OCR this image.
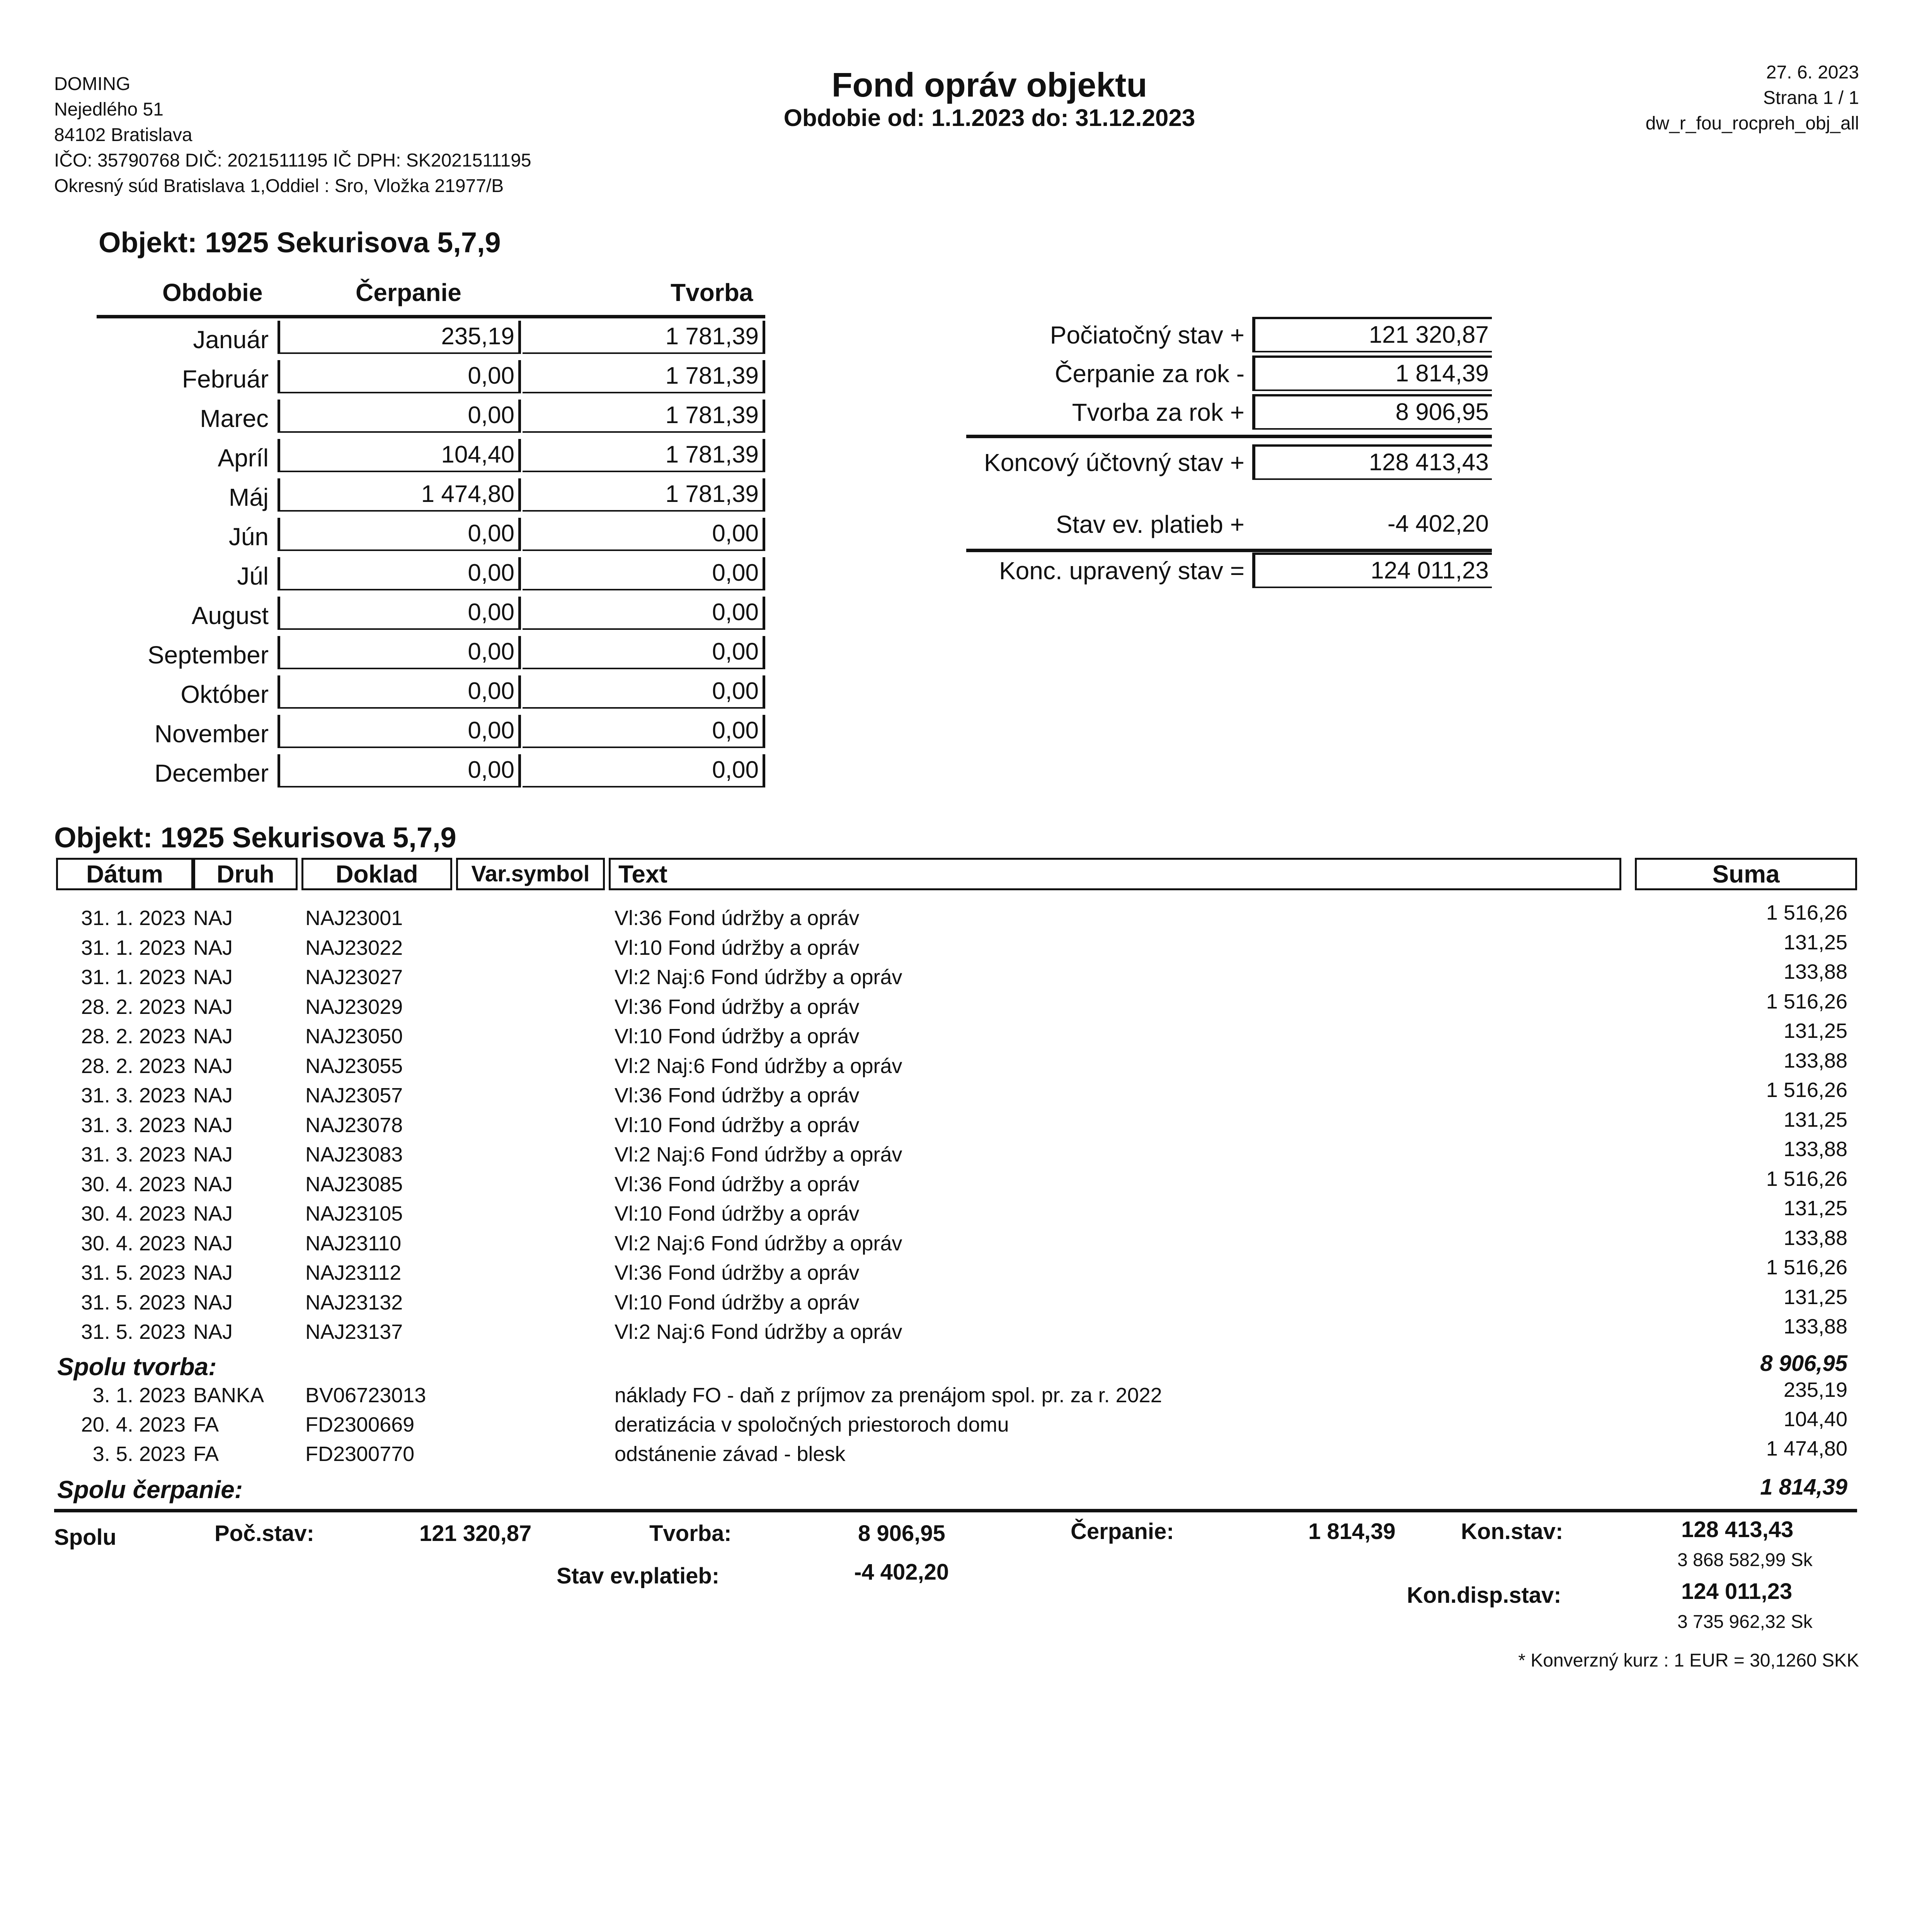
DOMING
Nejedlého 51
84102 Bratislava
IČO: 35790768 DIČ: 2021511195 IČ DPH: SK2021511195
Okresný súd Bratislava 1,Oddiel : Sro, Vložka 21977/B
Fond opráv objektu
Obdobie od: 1.1.2023 do: 31.12.2023
27. 6. 2023
Strana 1 / 1
dw_r_fou_rocpreh_obj_all
Objekt: 1925 Sekurisova 5,7,9
Obdobie	Čerpanie	Tvorba
Január	235,19	1 781,39
Február	0,00	1 781,39
Marec	0,00	1 781,39
Apríl	104,40	1 781,39
Máj	1 474,80	1 781,39
Jún	0,00	0,00
Júl	0,00	0,00
August	0,00	0,00
September	0,00	0,00
Október	0,00	0,00
November	0,00	0,00
December	0,00	0,00
Počiatočný stav +	121 320,87
Čerpanie za rok -	1 814,39
Tvorba za rok +	8 906,95
Koncový účtovný stav +	128 413,43
Stav ev. platieb +	-4 402,20
Konc. upravený stav =	124 011,23
Objekt: 1925 Sekurisova 5,7,9
Dátum	Druh	Doklad	Var.symbol	Text	Suma
31. 1. 2023 NAJ	NAJ23001	Vl:36 Fond údržby a opráv	1 516,26
31. 1. 2023 NAJ	NAJ23022	Vl:10 Fond údržby a opráv	131,25
31. 1. 2023 NAJ	NAJ23027	Vl:2 Naj:6 Fond údržby a opráv	133,88
28. 2. 2023 NAJ	NAJ23029	Vl:36 Fond údržby a opráv	1 516,26
28. 2. 2023 NAJ	NAJ23050	Vl:10 Fond údržby a opráv	131,25
28. 2. 2023 NAJ	NAJ23055	Vl:2 Naj:6 Fond údržby a opráv	133,88
31. 3. 2023 NAJ	NAJ23057	Vl:36 Fond údržby a opráv	1 516,26
31. 3. 2023 NAJ	NAJ23078	Vl:10 Fond údržby a opráv	131,25
31. 3. 2023 NAJ	NAJ23083	Vl:2 Naj:6 Fond údržby a opráv	133,88
30. 4. 2023 NAJ	NAJ23085	Vl:36 Fond údržby a opráv	1 516,26
30. 4. 2023 NAJ	NAJ23105	Vl:10 Fond údržby a opráv	131,25
30. 4. 2023 NAJ	NAJ23110	Vl:2 Naj:6 Fond údržby a opráv	133,88
31. 5. 2023 NAJ	NAJ23112	Vl:36 Fond údržby a opráv	1 516,26
31. 5. 2023 NAJ	NAJ23132	Vl:10 Fond údržby a opráv	131,25
31. 5. 2023 NAJ	NAJ23137	Vl:2 Naj:6 Fond údržby a opráv	133,88
Spolu tvorba:	8 906,95
3. 1. 2023 BANKA BV06723013	náklady FO - daň z príjmov za prenájom spol. pr. za r. 2022	235,19
20. 4. 2023 FA	FD2300669	deratizácia v spoločných priestoroch domu	104,40
3. 5. 2023 FA	FD2300770	odstánenie závad - blesk	1 474,80
Spolu čerpanie:	1 814,39
Spolu	Poč.stav:	121 320,87	Tvorba:	8 906,95	Čerpanie:	1 814,39	Kon.stav:	128 413,43
3 868 582,99 Sk
Stav ev.platieb:	-4 402,20
Kon.disp.stav:	124 011,23
3 735 962,32 Sk
* Konverzný kurz : 1 EUR = 30,1260 SKK
